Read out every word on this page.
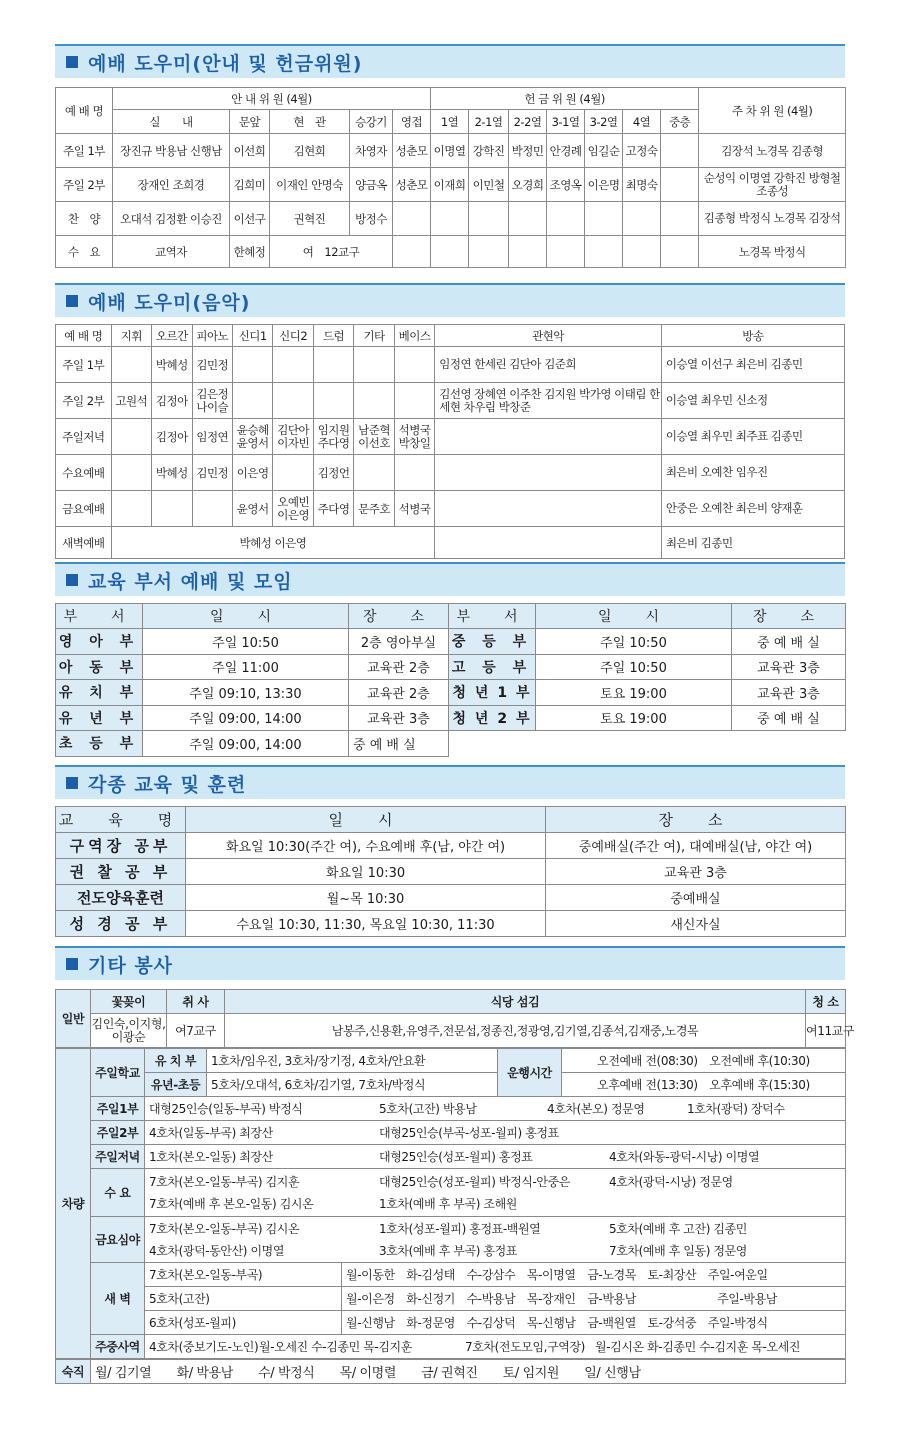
예배 도우미(안내 및 헌금위원)
예 배 명	안 내 위 원 (4월)					헌 금 위 원 (4월)							주 차 위 원 (4월)
	실　　내	문앞	현　관	승강기	영접	1열	2-1열	2-2열	3-1열	3-2열	4열	중층	
주일 1부	장진규 박용남 신행남	이선희	김현희	차영자	성춘모	이명열	강학진	박정민	안경례	임길순	고정숙		김장석 노경목 김종형
주일 2부	장재인 조희경	김희미	이재인 안명숙	양금옥	성춘모	이재희	이민철	오경희	조영옥	이은명	최명숙		순성익 이명열 강학진 방형철 조종성
찬　양	오대석 김정환 이승진	이선구	권혁진	방정수									김종형 박정식 노경목 김장석
수　요	교역자	한혜정	여　12교구										노경목 박정식
예배 도우미(음악)
예 배 명	지휘	오르간	피아노	신디1	신디2	드럼	기타	베이스	관현악	방송
주일 1부		박혜성	김민정						임정연 한세린 김단아 김준희	이승열 이선구 최은비 김종민
주일 2부	고원석	김정아	김은정 나이슬						김선영 장혜연 이주찬 김지원 박가영 이태림 한세현 차우림 박창준	이승열 최우민 신소정
주일저녁		김정아	임정연	윤승혜 윤영서	김단아 이자빈	임지원 주다영	남준혁 이선호	석병국 박창일		이승열 최우민 최주표 김종민
수요예배		박혜성	김민정	이은영		김정언				최은비 오예찬 임우진
금요예배				윤영서	오예빈 이은영	주다영	문주호	석병국		안중은 오예찬 최은비 양재훈
새벽예배	박혜성 이은영									최은비 김종민
교육 부서 예배 및 모임
부　서	일　시	장　소	부　서	일　시	장　소
영 아 부	주일 10:50	2층 영아부실	중 등 부	주일 10:50	중 예 배 실
아 동 부	주일 11:00	교육관 2층	고 등 부	주일 10:50	교육관 3층
유 치 부	주일 09:10, 13:30	교육관 2층	청 년 1 부	토요 19:00	교육관 3층
유 년 부	주일 09:00, 14:00	교육관 3층	청 년 2 부	토요 19:00	중 예 배 실
초 등 부	주일 09:00, 14:00	중 예 배 실			
각종 교육 및 훈련
교　육　명	일　시	장　소
구역장 공부	화요일 10:30(주간 여), 수요예배 후(남, 야간 여)	중예배실(주간 여), 대예배실(남, 야간 여)
권 찰 공 부	화요일 10:30	교육관 3층
전도양육훈련	월~목 10:30	중예배실
성 경 공 부	수요일 10:30, 11:30, 목요일 10:30, 11:30	새신자실
기타 봉사
일반	꽃꽂이	취 사	식당 섬김	청 소
	김인숙,이지형, 이광순	여7교구	남봉주,신용환,유영주,전문섭,정종진,정광영,김기열,김종석,김재중,노경목	여11교구
차량	주일학교	유 치 부	1호차/임우진, 3호차/장기정, 4호차/안요환		운행시간	오전예배 전(08:30)　오전예배 후(10:30)
		유년-초등	5호차/오대석, 6호차/김기열, 7호차/박정식			오후예배 전(13:30)　오후예배 후(15:30)
	주일1부	대형25인승(일동-부곡) 박정식 5호차(고잔) 박용남 4호차(본오) 정문영 1호차(광덕) 장덕수				
	주일2부	4호차(일동-부곡) 최장산 대형25인승(부곡-성포-월피) 홍정표				
	주일저녁	1호차(본오-일동) 최장산 대형25인승(성포-월피) 홍정표 4호차(와동-광덕-시낭) 이명열				
	수 요	7호차(본오-일동-부곡) 김지훈 대형25인승(성포-월피) 박정식-안중은 4호차(광덕-시낭) 정문영
7호차(예배 후 본오-일동) 김시온 1호차(예배 후 부곡) 조해원				
	금요심야	7호차(본오-일동-부곡) 김시온 1호차(성포-월피) 홍정표-백원열 5호차(예배 후 고잔) 김종민
4호차(광덕-동안산) 이명열 3호차(예배 후 부곡) 홍정표 7호차(예배 후 일동) 정문영				
	새 벽	7호차(본오-일동-부곡)		월-이동한　화-김성태　수-강삼수　목-이명열　금-노경목　토-최장산　주일-여운일		
		5호차(고잔)		월-이은정　화-신정기　수-박용남　목-장재인　금-박용남　　　　　　　주일-박용남		
		6호차(성포-월피)		월-신행남　화-정문영　수-김상덕　목-신행남　금-백원열　토-강석중　주일-박정식		
	주중사역	4호차(중보기도-노인)월-오세진 수-김종민 목-김지훈 7호차(전도모임,구역장) 월-김시온 화-김종민 수-김지훈 목-오세진				
숙직	월/ 김기열　　화/ 박용남　　수/ 박정식　　목/ 이명렬　　금/ 권혁진　　토/ 임지원　　일/ 신행남
